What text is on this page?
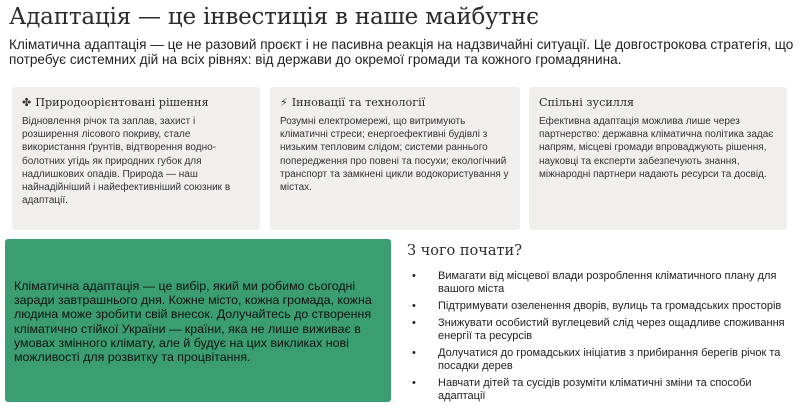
Адаптація — це інвестиція в наше майбутнє
Кліматична адаптація — це не разовий проєкт і не пасивна реакція на надзвичайні ситуації. Це довгострокова стратегія, що потребує системних дій на всіх рівнях: від держави до окремої громади та кожного громадянина.
✤ Природоорієнтовані рішення
Відновлення річок та заплав, захист і розширення лісового покриву, стале використання ґрунтів, відтворення водно-болотних угідь як природних губок для надлишкових опадів. Природа — наш найнадійніший і найефективніший союзник в адаптації.
⚡ Інновації та технології
Розумні електромережі, що витримують кліматичні стреси; енергоефективні будівлі з низьким тепловим слідом; системи раннього попередження про повені та посухи; екологічний транспорт та замкнені цикли водокористування у містах.
Спільні зусилля
Ефективна адаптація можлива лише через партнерство: державна кліматична політика задає напрям, місцеві громади впроваджують рішення, науковці та експерти забезпечують знання, міжнародні партнери надають ресурси та досвід.
Кліматична адаптація — це вибір, який ми робимо сьогодні заради завтрашнього дня. Кожне місто, кожна громада, кожна людина може зробити свій внесок. Долучайтесь до створення кліматично стійкої України — країни, яка не лише виживає в умовах змінного клімату, але й будує на цих викликах нові можливості для розвитку та процвітання.
З чого почати?
•	Вимагати від місцевої влади розроблення кліматичного плану для вашого міста
•	Підтримувати озеленення дворів, вулиць та громадських просторів
•	Знижувати особистий вуглецевий слід через ощадливе споживання енергії та ресурсів
•	Долучатися до громадських ініціатив з прибирання берегів річок та посадки дерев
•	Навчати дітей та сусідів розуміти кліматичні зміни та способи адаптації
